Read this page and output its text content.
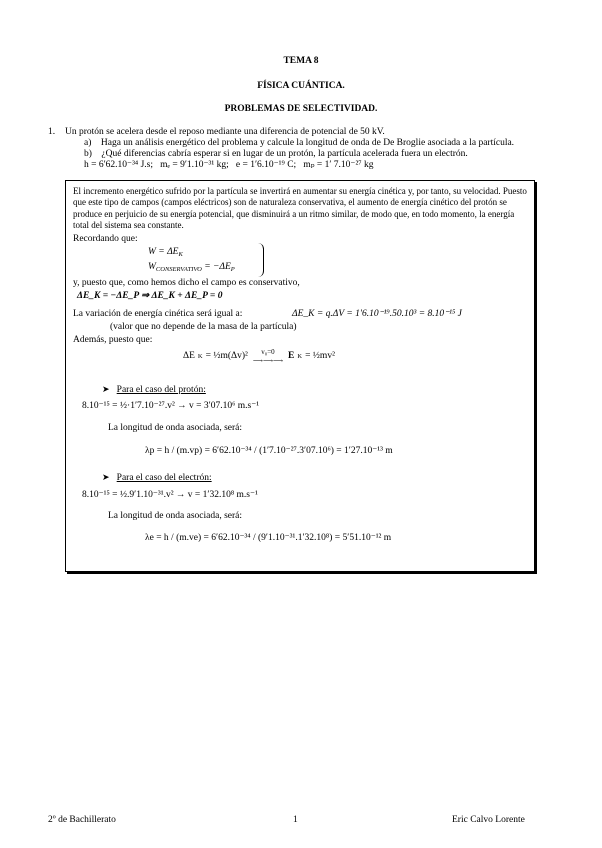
TEMA 8
FÍSICA CUÁNTICA.
PROBLEMAS DE SELECTIVIDAD.
1. Un protón se acelera desde el reposo mediante una diferencia de potencial de 50 kV.
a)    Haga un análisis energético del problema y calcule la longitud de onda de De Broglie asociada a la partícula.
b)    ¿Qué diferencias cabría esperar si en lugar de un protón, la partícula acelerada fuera un electrón.
h = 6′62.10⁻³⁴ J.s;   mₑ = 9′1.10⁻³¹ kg;   e = 1′6.10⁻¹⁹ C;   mₚ = 1′ 7.10⁻²⁷ kg
El incremento energético sufrido por la partícula se invertirá en aumentar su energía cinética y, por tanto, su velocidad. Puesto que este tipo de campos (campos eléctricos) son de naturaleza conservativa, el aumento de energía cinético del protón se produce en perjuicio de su energía potencial, que disminuirá a un ritmo similar, de modo que, en todo momento, la energía total del sistema sea constante.
Recordando que:
$W = \Delta E_K$
$W_{CONSERVATIVO} = -\Delta E_P$
y, puesto que, como hemos dicho el campo es conservativo,
ΔE_K = −ΔE_P ⇒ ΔE_K + ΔE_P = 0
La variación de energía cinética será igual a:	ΔE_K = q.ΔV = 1′6.10⁻¹⁹.50.10³ = 8.10⁻¹⁵ J
(valor que no depende de la masa de la partícula)
Además, puesto que:
ΔE K = ½m(Δv)² v₀=0
⟶⟶⟶ E K = ½mv²
➤ Para el caso del protón:
8.10⁻¹⁵ = ½·1′7.10⁻²⁷.v² → v = 3′07.10⁶ m.s⁻¹
La longitud de onda asociada, será:
λp = h / (m.vp) = 6′62.10⁻³⁴ / (1′7.10⁻²⁷.3′07.10⁶) = 1′27.10⁻¹³ m
➤ Para el caso del electrón:
8.10⁻¹⁵ = ½.9′1.10⁻³¹.v² → v = 1′32.10⁸ m.s⁻¹
La longitud de onda asociada, será:
λe = h / (m.ve) = 6′62.10⁻³⁴ / (9′1.10⁻³¹.1′32.10⁸) = 5′51.10⁻¹² m
2º de Bachillerato	1	Eric Calvo Lorente
